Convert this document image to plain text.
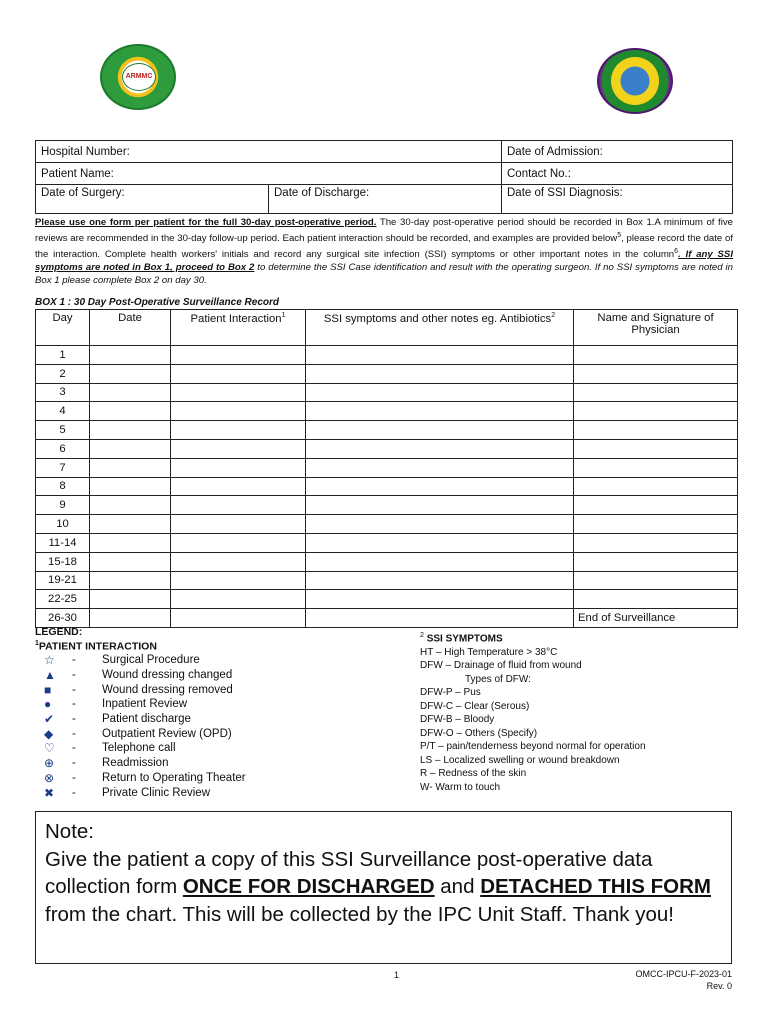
ARMMC
Hospital Number:		Date of Admission:
Patient Name:		Contact No.:
Date of Surgery:	Date of Discharge:	Date of SSI Diagnosis:
Please use one form per patient for the full 30-day post-operative period. The 30-day post-operative period should be recorded in Box 1.A minimum of five reviews are recommended in the 30-day follow-up period. Each patient interaction should be recorded, and examples are provided below$^5$, please record the date of the interaction. Complete health workers' initials and record any surgical site infection (SSI) symptoms or other important notes in the column$^6$. If any SSI symptoms are noted in Box 1, proceed to Box 2 to determine the SSI Case identification and result with the operating surgeon. If no SSI symptoms are noted in Box 1 please complete Box 2 on day 30.
BOX 1 : 30 Day Post-Operative Surveillance Record
Day	Date	Patient Interaction$^1$	SSI symptoms and other notes eg. Antibiotics$^2$	Name and Signature of Physician
1				
2				
3				
4				
5				
6				
7				
8				
9				
10				
11-14				
15-18				
19-21				
22-25				
26-30				End of Surveillance
LEGEND:
$^1$PATIENT INTERACTION
☆	-	Surgical Procedure
▲	-	Wound dressing changed
■	-	Wound dressing removed
●	-	Inpatient Review
✔	-	Patient discharge
◆	-	Outpatient Review (OPD)
♡	-	Telephone call
⊕	-	Readmission
⊗	-	Return to Operating Theater
✖	-	Private Clinic Review
$^2$ SSI SYMPTOMS
HT – High Temperature > 38°C
DFW – Drainage of fluid from wound
Types of DFW:
DFW-P – Pus
DFW-C – Clear (Serous)
DFW-B – Bloody
DFW-O – Others (Specify)
P/T – pain/tenderness beyond normal for operation
LS – Localized swelling or wound breakdown
R – Redness of the skin
W- Warm to touch
Note:
Give the patient a copy of this SSI Surveillance post-operative data collection form ONCE FOR DISCHARGED and DETACHED THIS FORM from the chart. This will be collected by the IPC Unit Staff. Thank you!
1	OMCC-IPCU-F-2023-01
Rev. 0
